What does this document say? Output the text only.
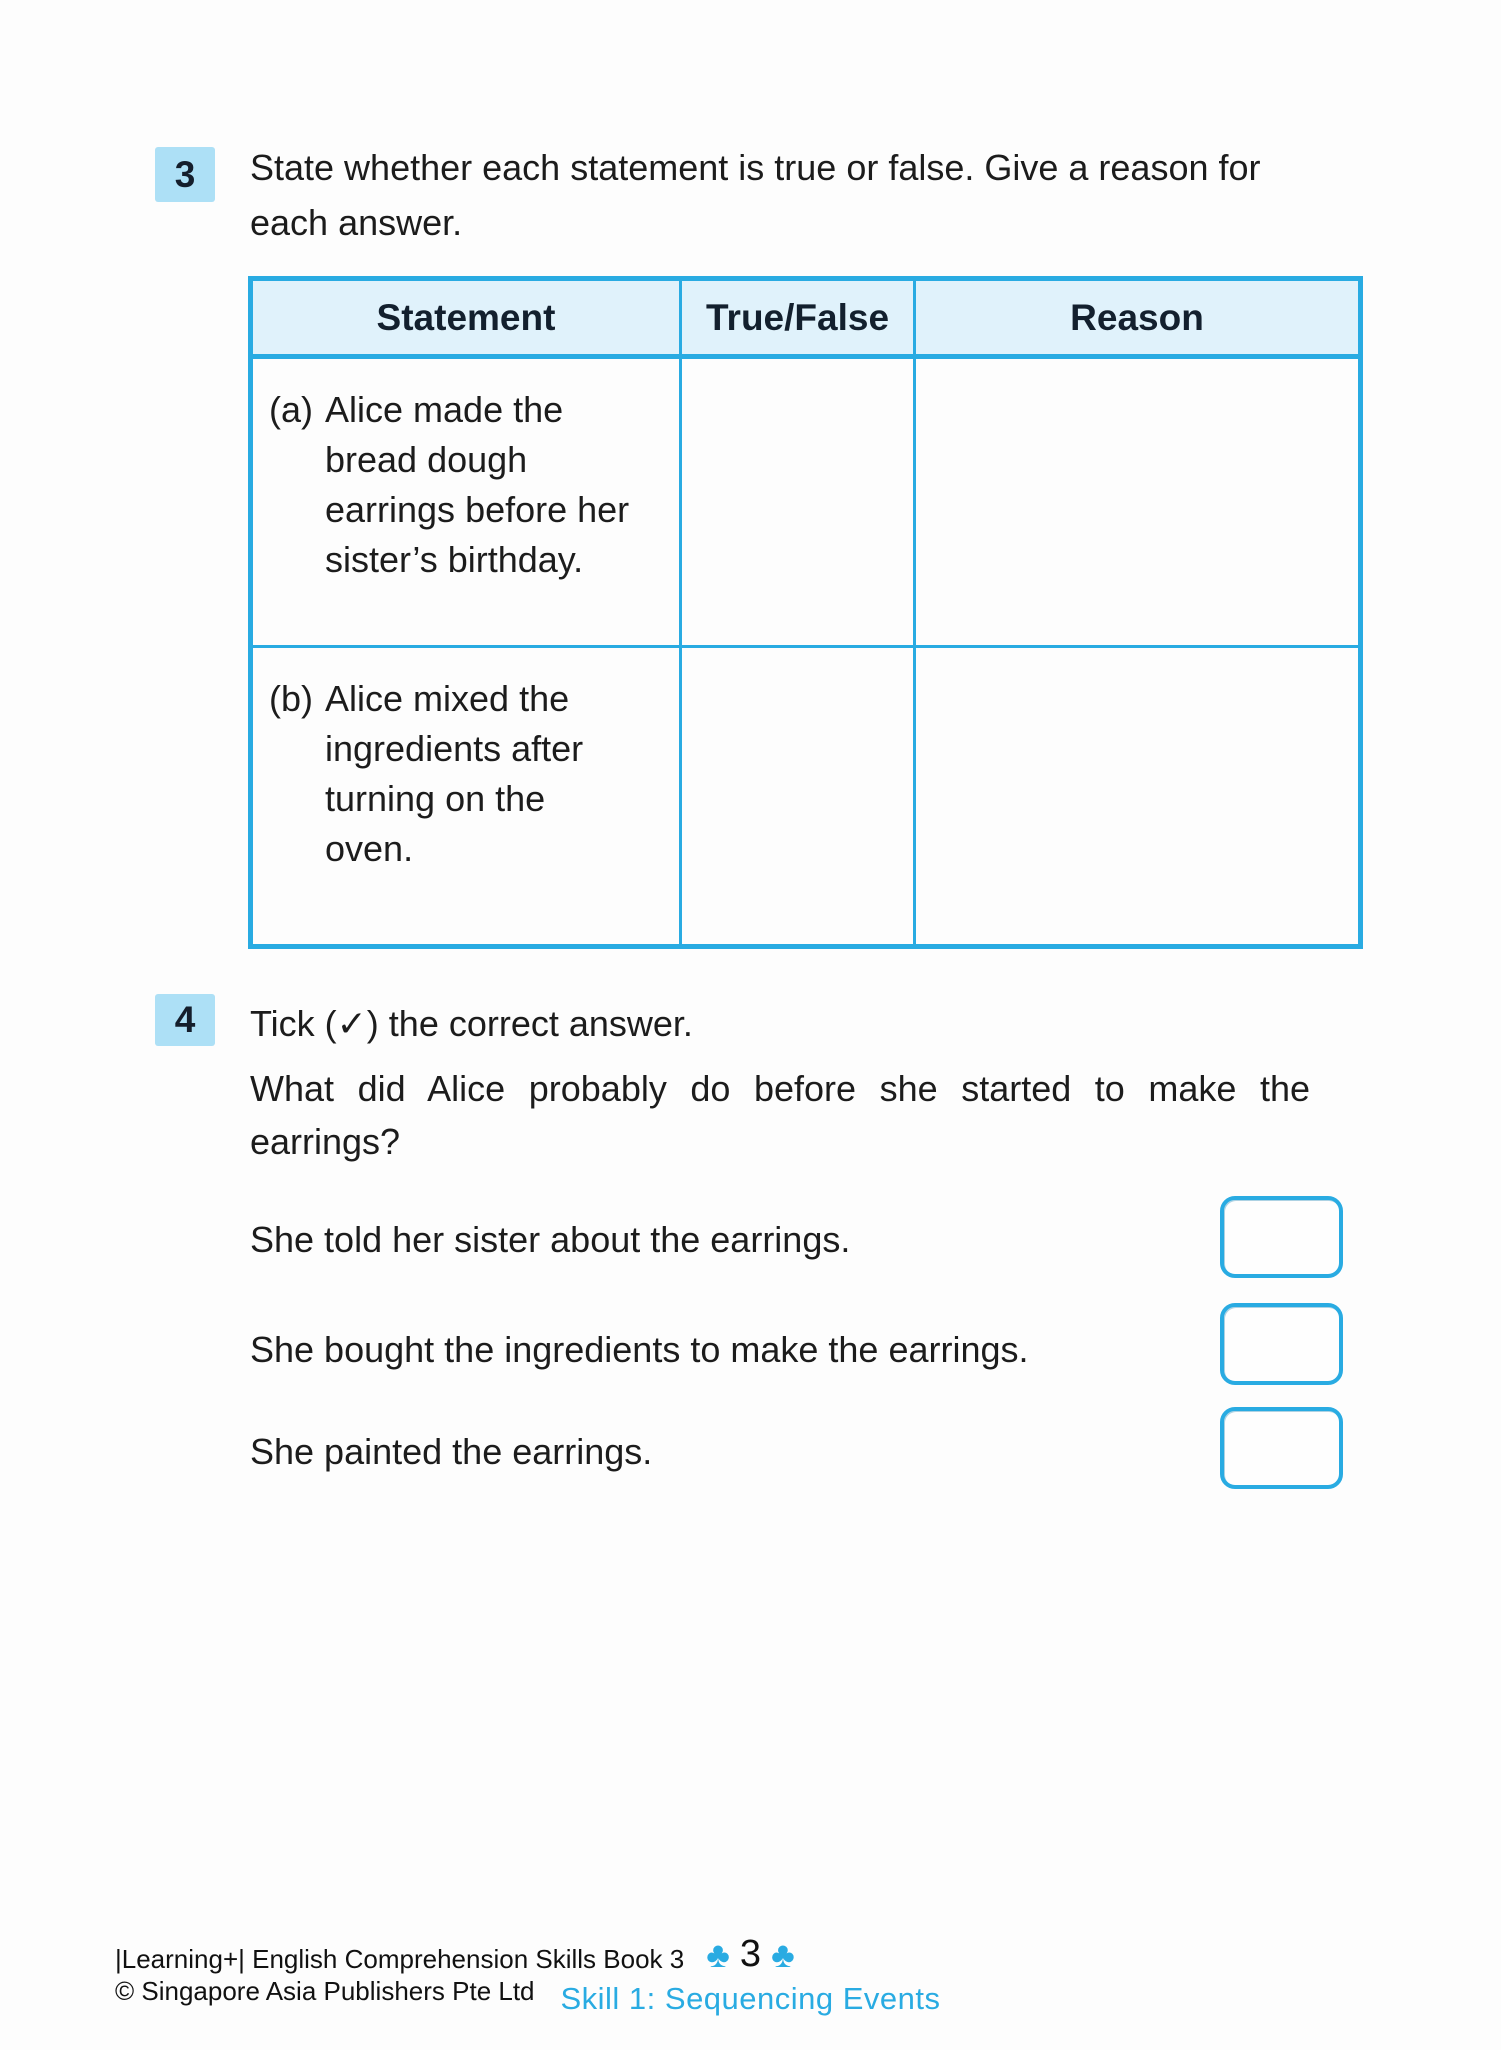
3	State whether each statement is true or false. Give a reason for each answer.
Statement	True/False	Reason

(a) Alice made the bread dough earrings before her sister’s birthday.		

(b) Alice mixed the ingredients after turning on the oven.		

4	Tick (✓) the correct answer.
What did Alice probably do before she started to make the earrings?
She told her sister about the earrings.
She bought the ingredients to make the earrings.
She painted the earrings.
|Learning+| English Comprehension Skills Book 3
© Singapore Asia Publishers Pte Ltd
♣ 3 ♣
Skill 1: Sequencing Events
